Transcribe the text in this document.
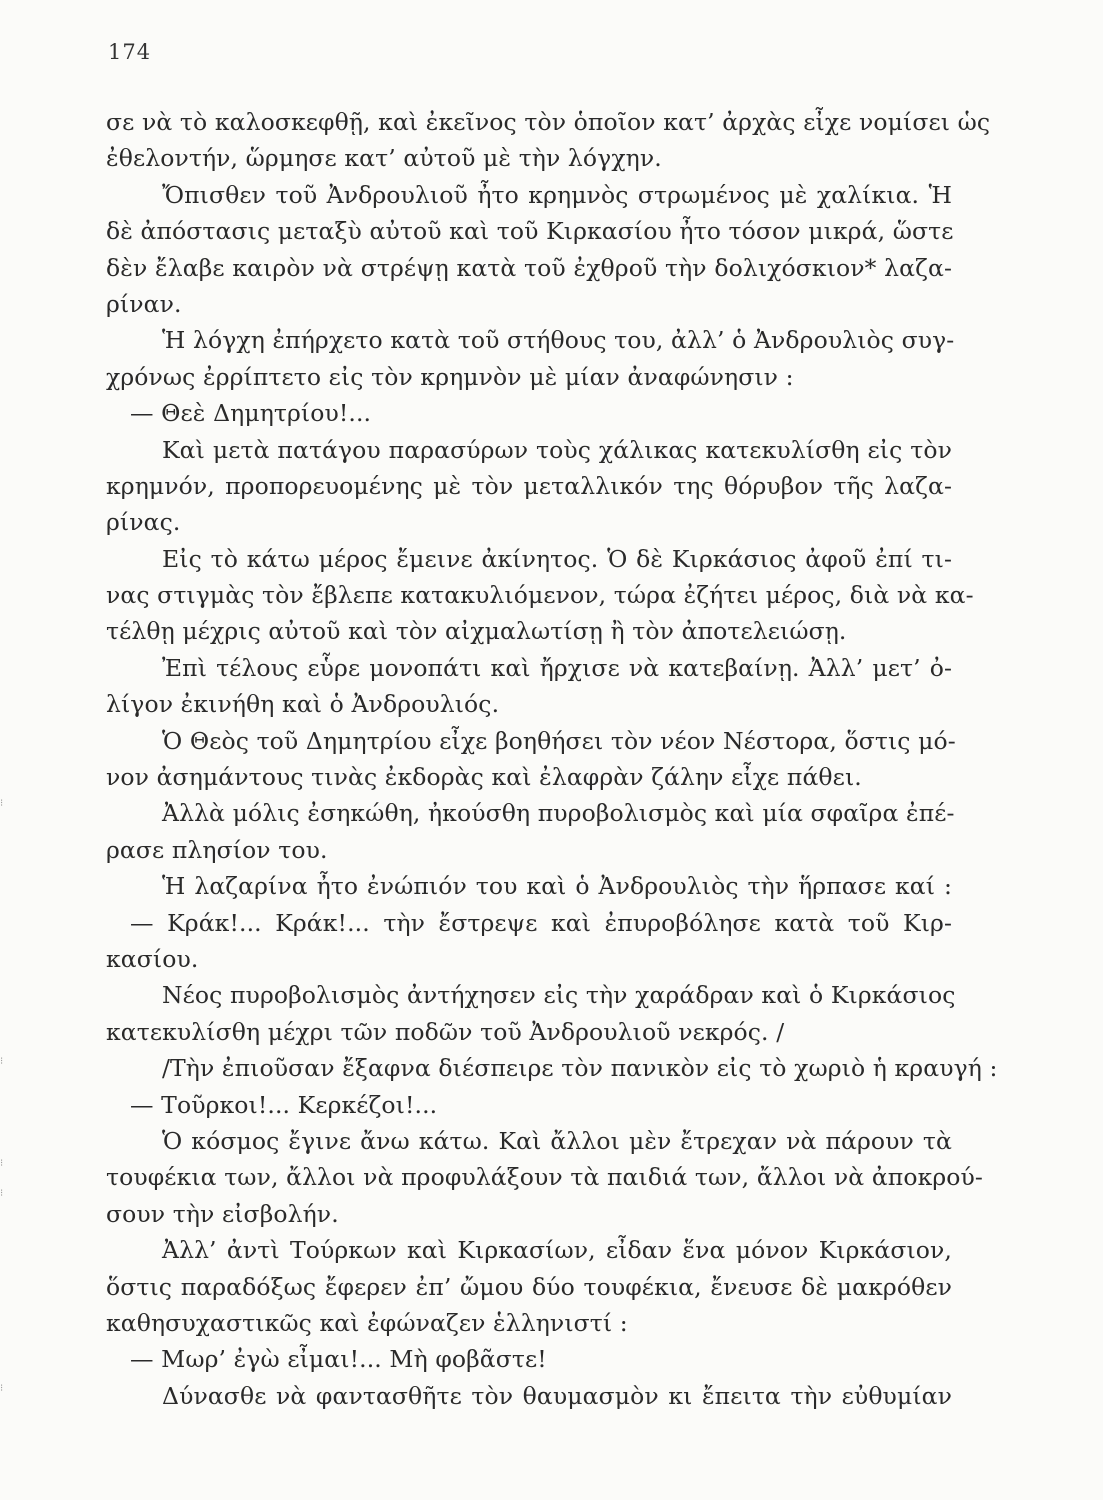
174
σε νὰ τὸ καλοσκεφθῇ, καὶ ἐκεῖνος τὸν ὁποῖον κατ’ ἀρχὰς εἶχε νομίσει ὡς
ἐθελοντήν, ὥρμησε κατ’ αὐτοῦ μὲ τὴν λόγχην.
Ὄπισθεν τοῦ Ἀνδρουλιοῦ ἦτο κρημνὸς στρωμένος μὲ χαλίκια. Ἡ
δὲ ἀπόστασις μεταξὺ αὐτοῦ καὶ τοῦ Κιρκασίου ἦτο τόσον μικρά, ὥστε
δὲν ἔλαβε καιρὸν νὰ στρέψῃ κατὰ τοῦ ἐχθροῦ τὴν δολιχόσκιον* λαζα-
ρίναν.
Ἡ λόγχη ἐπήρχετο κατὰ τοῦ στήθους του, ἀλλ’ ὁ Ἀνδρουλιὸς συγ-
χρόνως ἐρρίπτετο εἰς τὸν κρημνὸν μὲ μίαν ἀναφώνησιν :
— Θεὲ Δημητρίου!...
Καὶ μετὰ πατάγου παρασύρων τοὺς χάλικας κατεκυλίσθη εἰς τὸν
κρημνόν, προπορευομένης μὲ τὸν μεταλλικόν της θόρυβον τῆς λαζα-
ρίνας.
Εἰς τὸ κάτω μέρος ἔμεινε ἀκίνητος. Ὁ δὲ Κιρκάσιος ἀφοῦ ἐπί τι-
νας στιγμὰς τὸν ἔβλεπε κατακυλιόμενον, τώρα ἐζήτει μέρος, διὰ νὰ κα-
τέλθῃ μέχρις αὐτοῦ καὶ τὸν αἰχμαλωτίσῃ ἢ τὸν ἀποτελειώσῃ.
Ἐπὶ τέλους εὗρε μονοπάτι καὶ ἤρχισε νὰ κατεβαίνῃ. Ἀλλ’ μετ’ ὀ-
λίγον ἐκινήθη καὶ ὁ Ἀνδρουλιός.
Ὁ Θεὸς τοῦ Δημητρίου εἶχε βοηθήσει τὸν νέον Νέστορα, ὅστις μό-
νον ἀσημάντους τινὰς ἐκδορὰς καὶ ἐλαφρὰν ζάλην εἶχε πάθει.
Ἀλλὰ μόλις ἐσηκώθη, ἠκούσθη πυροβολισμὸς καὶ μία σφαῖρα ἐπέ-
ρασε πλησίον του.
Ἡ λαζαρίνα ἦτο ἐνώπιόν του καὶ ὁ Ἀνδρουλιὸς τὴν ἥρπασε καί :
— Κράκ!... Κράκ!... τὴν ἔστρεψε καὶ ἐπυροβόλησε κατὰ τοῦ Κιρ-
κασίου.
Νέος πυροβολισμὸς ἀντήχησεν εἰς τὴν χαράδραν καὶ ὁ Κιρκάσιος
κατεκυλίσθη μέχρι τῶν ποδῶν τοῦ Ἀνδρουλιοῦ νεκρός. /
/Τὴν ἐπιοῦσαν ἔξαφνα διέσπειρε τὸν πανικὸν εἰς τὸ χωριὸ ἡ κραυγή :
— Τοῦρκοι!... Κερκέζοι!...
Ὁ κόσμος ἔγινε ἄνω κάτω. Καὶ ἄλλοι μὲν ἔτρεχαν νὰ πάρουν τὰ
τουφέκια των, ἄλλοι νὰ προφυλάξουν τὰ παιδιά των, ἄλλοι νὰ ἀποκρού-
σουν τὴν εἰσβολήν.
Ἀλλ’ ἀντὶ Τούρκων καὶ Κιρκασίων, εἶδαν ἕνα μόνον Κιρκάσιον,
ὅστις παραδόξως ἔφερεν ἐπ’ ὤμου δύο τουφέκια, ἔνευσε δὲ μακρόθεν
καθησυχαστικῶς καὶ ἐφώναζεν ἑλληνιστί :
— Μωρ’ ἐγὼ εἶμαι!... Μὴ φοβᾶστε!
Δύνασθε νὰ φαντασθῆτε τὸν θαυμασμὸν κι ἔπειτα τὴν εὐθυμίαν
⁝
⁝
⁝
⁝
⁝
